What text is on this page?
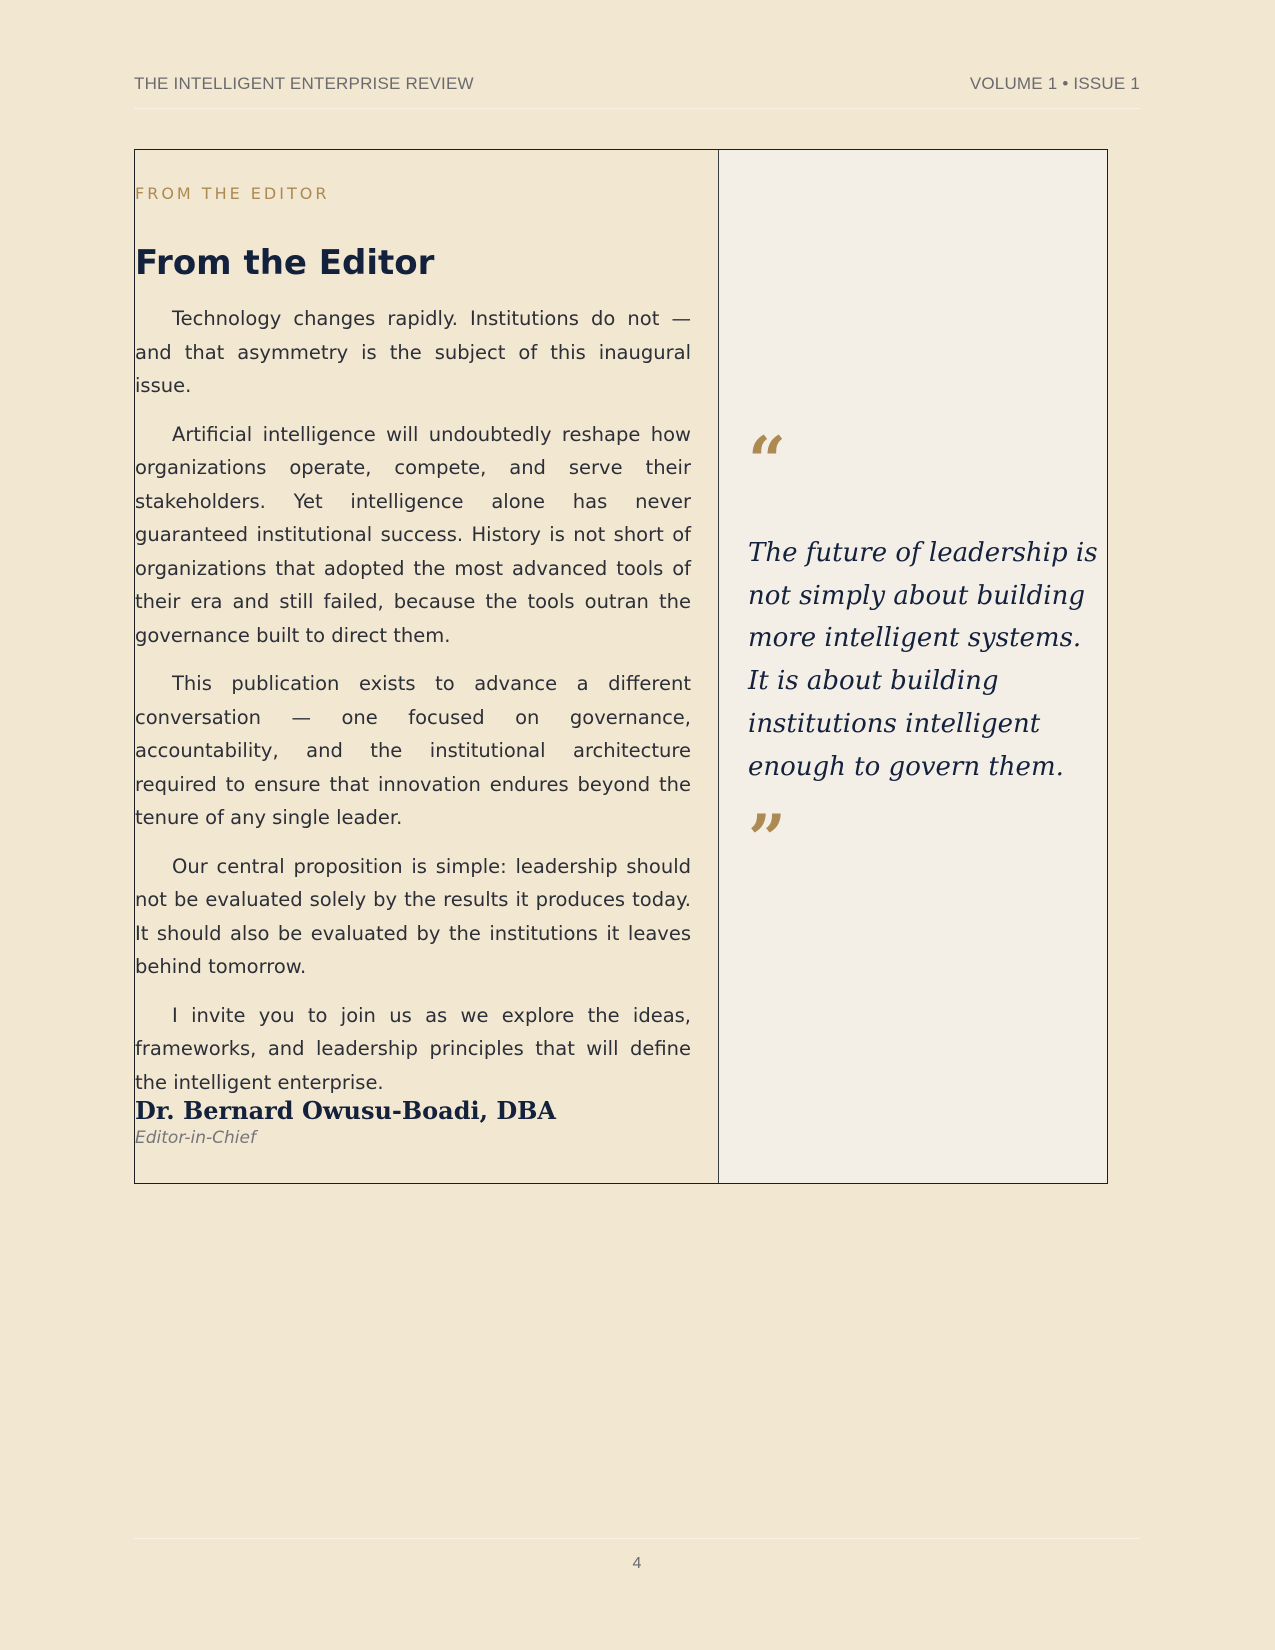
THE INTELLIGENT ENTERPRISE REVIEW	VOLUME 1 • ISSUE 1
FROM THE EDITOR
From the Editor

Technology changes rapidly. Institutions do not — and that asymmetry is the subject of this inaugural issue.

Artificial intelligence will undoubtedly reshape how organizations operate, compete, and serve their stakeholders. Yet intelligence alone has never guaranteed institutional success. History is not short of organizations that adopted the most advanced tools of their era and still failed, because the tools outran the governance built to direct them.

This publication exists to advance a different conversation — one focused on governance, accountability, and the institutional architecture required to ensure that innovation endures beyond the tenure of any single leader.

Our central proposition is simple: leadership should not be evaluated solely by the results it produces today. It should also be evaluated by the institutions it leaves behind tomorrow.

I invite you to join us as we explore the ideas, frameworks, and leadership principles that will define the intelligent enterprise.

Dr. Bernard Owusu-Boadi, DBA
Editor-in-Chief
“
The future of leadership is not simply about building more intelligent systems. It is about building institutions intelligent enough to govern them.
”
4
